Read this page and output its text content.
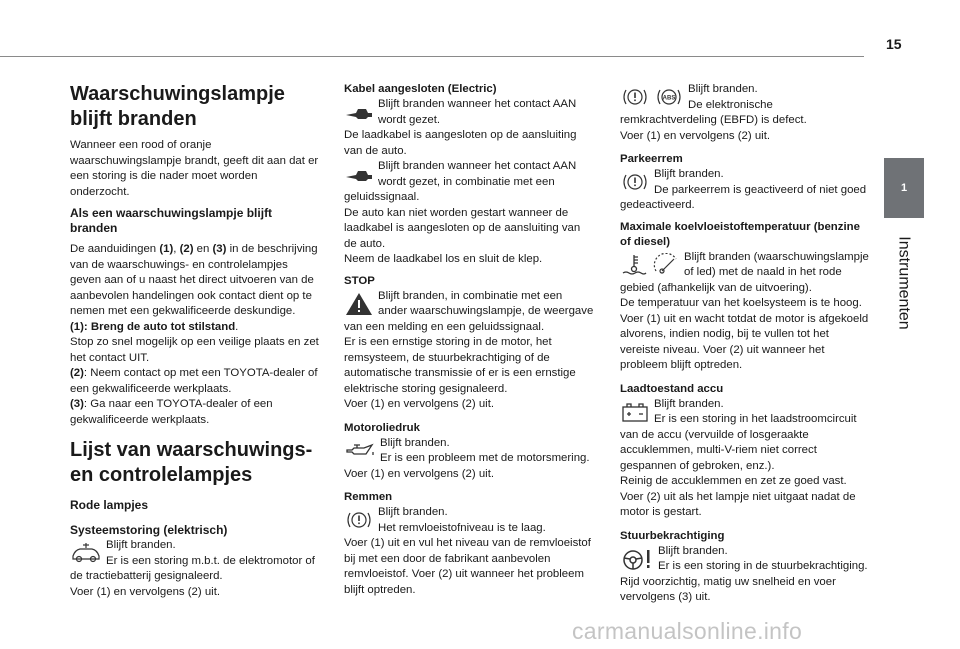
15
1
Instrumenten
Waarschuwingslampje blijft branden

Wanneer een rood of oranje waarschuwingslampje brandt, geeft dit aan dat er een storing is die nader moet worden onderzocht.

Als een waarschuwingslampje blijft branden

De aanduidingen (1), (2) en (3) in de beschrijving van de waarschuwings- en controlelampjes geven aan of u naast het direct uitvoeren van de aanbevolen handelingen ook contact dient op te nemen met een gekwalificeerde deskundige.

(1): Breng de auto tot stilstand.

Stop zo snel mogelijk op een veilige plaats en zet het contact UIT.

(2): Neem contact op met een TOYOTA-dealer of een gekwalificeerde werkplaats.

(3): Ga naar een TOYOTA-dealer of een gekwalificeerde werkplaats.

Lijst van waarschuwings- en controlelampjes
Rode lampjes
Systeemstoring (elektrisch)

Blijft branden.

Er is een storing m.b.t. de elektromotor of de tractiebatterij gesignaleerd.

Voer (1) en vervolgens (2) uit.

Kabel aangesloten (Electric)

Blijft branden wanneer het contact AAN wordt gezet.

De laadkabel is aangesloten op de aansluiting van de auto.

Blijft branden wanneer het contact AAN wordt gezet, in combinatie met een geluidssignaal.

De auto kan niet worden gestart wanneer de laadkabel is aangesloten op de aansluiting van de auto.

Neem de laadkabel los en sluit de klep.

STOP

Blijft branden, in combinatie met een ander waarschuwingslampje, de weergave van een melding en een geluidssignaal.

Er is een ernstige storing in de motor, het remsysteem, de stuurbekrachtiging of de automatische transmissie of er is een ernstige elektrische storing gesignaleerd.

Voer (1) en vervolgens (2) uit.

Motoroliedruk

Blijft branden.

Er is een probleem met de motorsmering.

Voer (1) en vervolgens (2) uit.

Remmen

Blijft branden.

Het remvloeistofniveau is te laag.

Voer (1) uit en vul het niveau van de remvloeistof bij met een door de fabrikant aanbevolen remvloeistof. Voer (2) uit wanneer het probleem blijft optreden.

ABS

Blijft branden.

De elektronische remkrachtverdeling (EBFD) is defect.

Voer (1) en vervolgens (2) uit.

Parkeerrem

Blijft branden.

De parkeerrem is geactiveerd of niet goed gedeactiveerd.

Maximale koelvloeistoftemperatuur (benzine of diesel)

Blijft branden (waarschuwingslampje of led) met de naald in het rode gebied (afhankelijk van de uitvoering).

De temperatuur van het koelsysteem is te hoog.

Voer (1) uit en wacht totdat de motor is afgekoeld alvorens, indien nodig, bij te vullen tot het vereiste niveau. Voer (2) uit wanneer het probleem blijft optreden.

Laadtoestand accu

Blijft branden.

Er is een storing in het laadstroomcircuit van de accu (vervuilde of losgeraakte accuklemmen, multi-V-riem niet correct gespannen of gebroken, enz.).

Reinig de accuklemmen en zet ze goed vast. Voer (2) uit als het lampje niet uitgaat nadat de motor is gestart.

Stuurbekrachtiging

Blijft branden.

Er is een storing in de stuurbekrachtiging.

Rijd voorzichtig, matig uw snelheid en voer vervolgens (3) uit.

carmanualsonline.info
